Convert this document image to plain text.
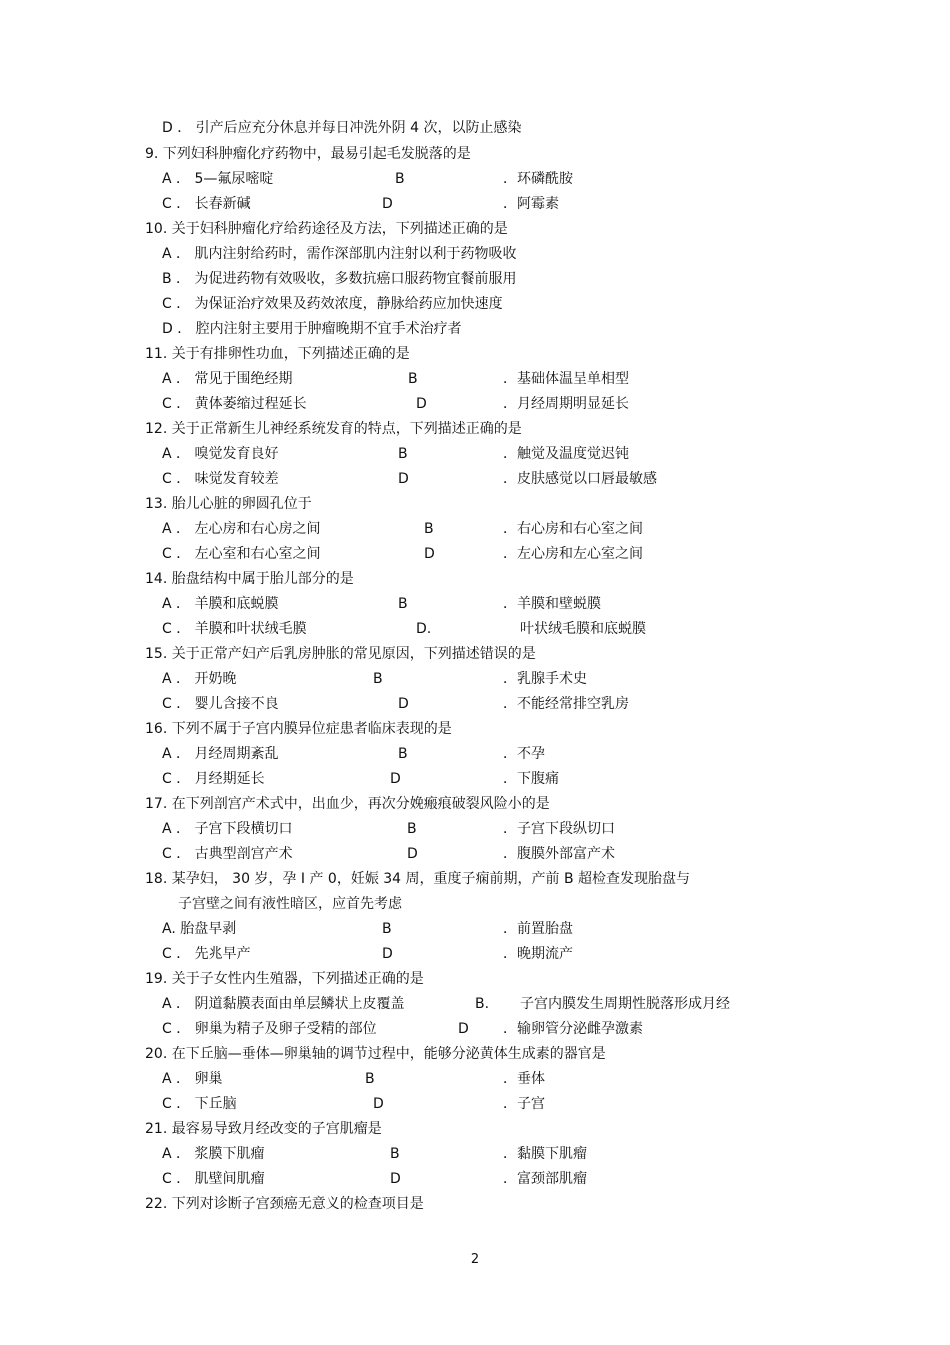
D ． 引产后应充分休息并每日冲洗外阴 4 次，以防止感染
9. 下列妇科肿瘤化疗药物中，最易引起毛发脱落的是
A ． 5—氟尿嘧啶	B	．环磷酰胺
C ． 长春新碱	D	．阿霉素
10. 关于妇科肿瘤化疗给药途径及方法，下列描述正确的是
A ． 肌内注射给药时，需作深部肌内注射以利于药物吸收
B ． 为促进药物有效吸收，多数抗癌口服药物宜餐前服用
C ． 为保证治疗效果及药效浓度，静脉给药应加快速度
D ． 腔内注射主要用于肿瘤晚期不宜手术治疗者
11. 关于有排卵性功血，下列描述正确的是
A ． 常见于围绝经期	B	．基础体温呈单相型
C ． 黄体萎缩过程延长	D	．月经周期明显延长
12. 关于正常新生儿神经系统发育的特点，下列描述正确的是
A ． 嗅觉发育良好	B	．触觉及温度觉迟钝
C ． 味觉发育较差	D	．皮肤感觉以口唇最敏感
13. 胎儿心脏的卵圆孔位于
A ． 左心房和右心房之间	B	．右心房和右心室之间
C ． 左心室和右心室之间	D	．左心房和左心室之间
14. 胎盘结构中属于胎儿部分的是
A ． 羊膜和底蜕膜	B	．羊膜和壁蜕膜
C ． 羊膜和叶状绒毛膜	D.	叶状绒毛膜和底蜕膜
15. 关于正常产妇产后乳房肿胀的常见原因，下列描述错误的是
A ． 开奶晚	B	．乳腺手术史
C ． 婴儿含接不良	D	．不能经常排空乳房
16. 下列不属于子宫内膜异位症患者临床表现的是
A ． 月经周期紊乱	B	．不孕
C ． 月经期延长	D	．下腹痛
17. 在下列剖宫产术式中，出血少，再次分娩瘢痕破裂风险小的是
A ． 子宫下段横切口	B	．子宫下段纵切口
C ． 古典型剖宫产术	D	．腹膜外部富产术
18. 某孕妇， 30 岁，孕 I 产 0，妊娠 34 周，重度子痫前期，产前 B 超检查发现胎盘与
子宫壁之间有液性暗区，应首先考虑
A. 胎盘早剥	B	．前置胎盘
C ． 先兆早产	D	．晚期流产
19. 关于子女性内生殖器，下列描述正确的是
A ． 阴道黏膜表面由单层鳞状上皮覆盖	B. 子宫内膜发生周期性脱落形成月经
C ． 卵巢为精子及卵子受精的部位	D ．输卵管分泌雌孕激素
20. 在下丘脑—垂体—卵巢轴的调节过程中，能够分泌黄体生成素的器官是
A ． 卵巢	B	．垂体
C ． 下丘脑	D	．子宫
21. 最容易导致月经改变的子宫肌瘤是
A ． 浆膜下肌瘤	B	．黏膜下肌瘤
C ． 肌壁间肌瘤	D	．富颈部肌瘤
22. 下列对诊断子宫颈癌无意义的检查项目是
2
